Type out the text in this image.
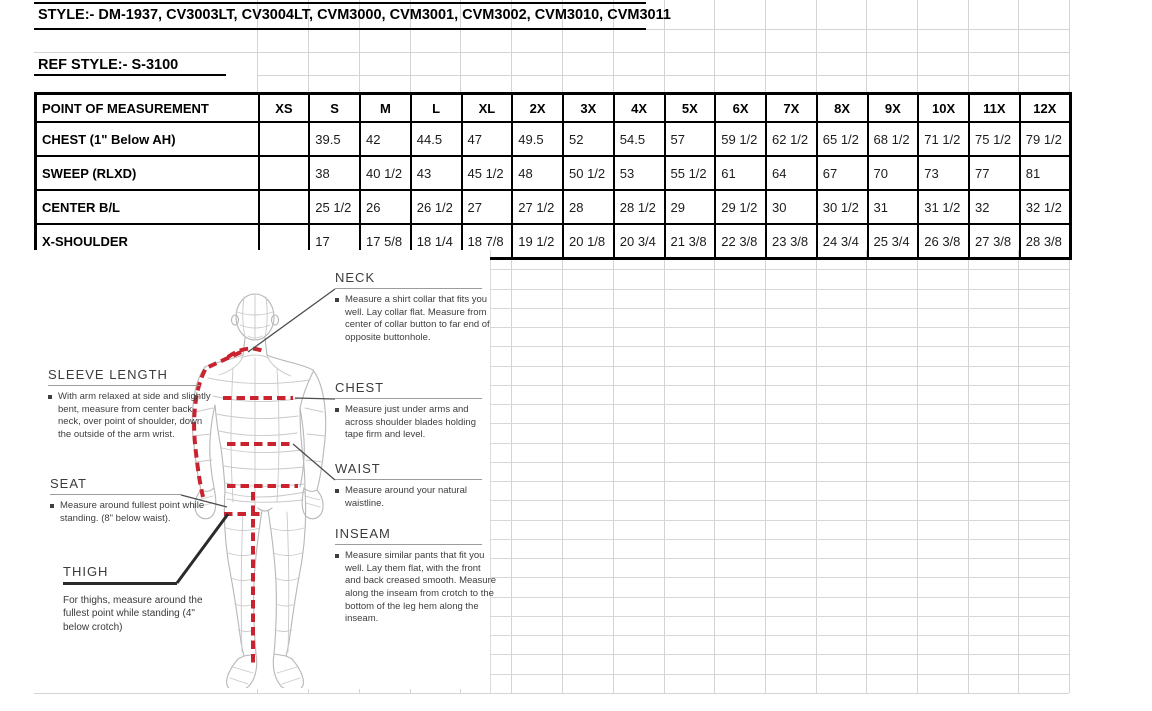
STYLE:- DM-1937, CV3003LT, CV3004LT, CVM3000, CVM3001, CVM3002, CVM3010, CVM3011
REF STYLE:- S-3100
POINT OF MEASUREMENT	XS	S	M	L	XL	2X	3X	4X	5X	6X	7X	8X	9X	10X	11X	12X
CHEST (1" Below AH)		39.5	42	44.5	47	49.5	52	54.5	57	59 1/2	62 1/2	65 1/2	68 1/2	71 1/2	75 1/2	79 1/2
SWEEP (RLXD)		38	40 1/2	43	45 1/2	48	50 1/2	53	55 1/2	61	64	67	70	73	77	81
CENTER B/L		25 1/2	26	26 1/2	27	27 1/2	28	28 1/2	29	29 1/2	30	30 1/2	31	31 1/2	32	32 1/2
X-SHOULDER		17	17 5/8	18 1/4	18 7/8	19 1/2	20 1/8	20 3/4	21 3/8	22 3/8	23 3/8	24 3/4	25 3/4	26 3/8	27 3/8	28 3/8
NECK
Measure a shirt collar that fits you well. Lay collar flat. Measure from center of collar button to far end of opposite buttonhole.
CHEST
Measure just under arms and across shoulder blades holding tape firm and level.
WAIST
Measure around your natural waistline.
INSEAM
Measure similar pants that fit you well. Lay them flat, with the front and back creased smooth. Measure along the inseam from crotch to the bottom of the leg hem along the inseam.
SLEEVE LENGTH
With arm relaxed at side and slightly bent, measure from center back neck, over point of shoulder, down the outside of the arm wrist.
SEAT
Measure around fullest point while standing. (8" below waist).
THIGH
For thighs, measure around the fullest point while standing (4" below crotch)
